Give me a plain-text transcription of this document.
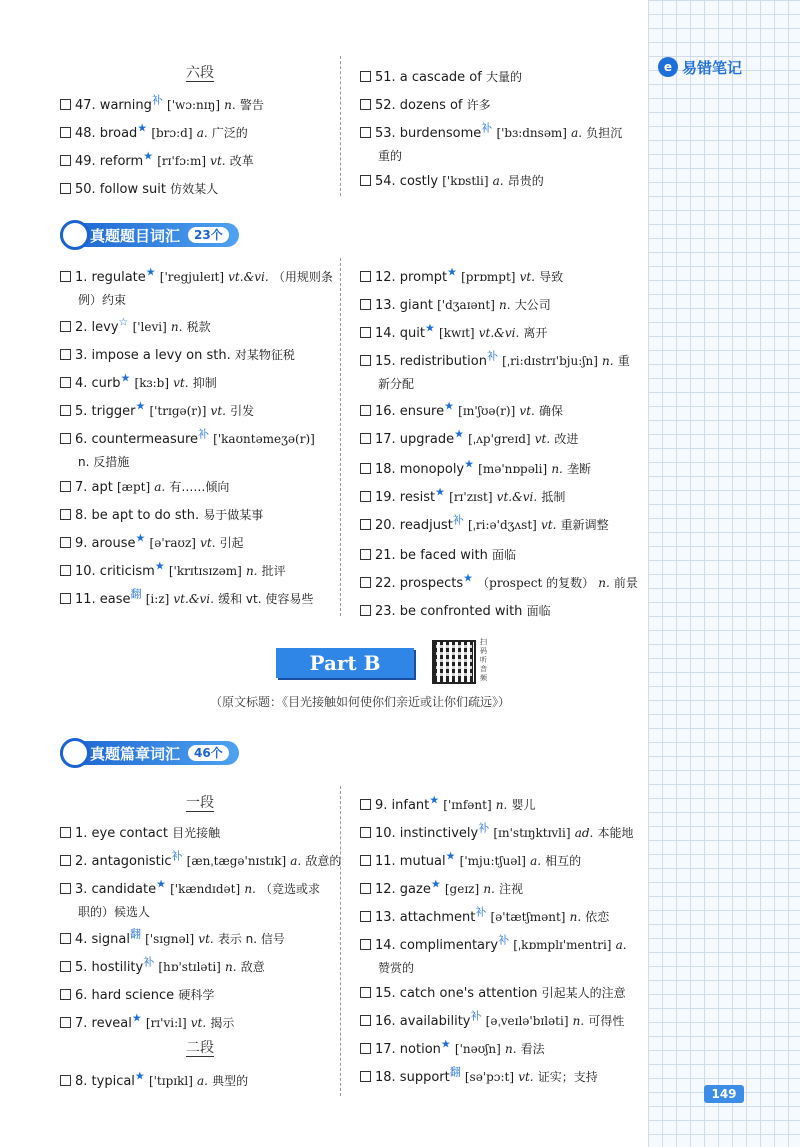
e 易错笔记
149
六段
47. warning$^补$ ['wɔ:nɪŋ] n. 警告
48. broad★ [brɔ:d] a. 广泛的
49. reform★ [rɪ'fɔ:m] vt. 改革
50. follow suit 仿效某人
51. a cascade of 大量的
52. dozens of 许多
53. burdensome$^补$ ['bɜ:dnsəm] a. 负担沉
重的
54. costly ['kɒstli] a. 昂贵的
真题题目词汇	23个
1. regulate★ ['regjuleɪt] vt.&vi. （用规则条
例）约束
2. levy☆ ['levi] n. 税款
3. impose a levy on sth. 对某物征税
4. curb★ [kɜ:b] vt. 抑制
5. trigger★ ['trɪgə(r)] vt. 引发
6. countermeasure$^补$ ['kaʊntəmeʒə(r)]
n. 反措施
7. apt [æpt] a. 有……倾向
8. be apt to do sth. 易于做某事
9. arouse★ [ə'raʊz] vt. 引起
10. criticism★ ['krɪtɪsɪzəm] n. 批评
11. ease$^翻$ [i:z] vt.&vi. 缓和 vt. 使容易些
12. prompt★ [prɒmpt] vt. 导致
13. giant ['dʒaɪənt] n. 大公司
14. quit★ [kwɪt] vt.&vi. 离开
15. redistribution$^补$ [ˌri:dɪstrɪ'bju:ʃn] n. 重
新分配
16. ensure★ [ɪn'ʃʊə(r)] vt. 确保
17. upgrade★ [ˌʌp'greɪd] vt. 改进
18. monopoly★ [mə'nɒpəli] n. 垄断
19. resist★ [rɪ'zɪst] vt.&vi. 抵制
20. readjust$^补$ [ˌri:ə'dʒʌst] vt. 重新调整
21. be faced with 面临
22. prospects★ （prospect 的复数） n. 前景
23. be confronted with 面临
Part B
扫码听音频
（原文标题：《目光接触如何使你们亲近或让你们疏远》）
真题篇章词汇	46个
一段
二段
1. eye contact 目光接触
2. antagonistic$^补$ [ænˌtægə'nɪstɪk] a. 敌意的
3. candidate★ ['kændɪdət] n. （竞选或求
职的）候选人
4. signal$^翻$ ['sɪgnəl] vt. 表示 n. 信号
5. hostility$^补$ [hɒ'stɪləti] n. 敌意
6. hard science 硬科学
7. reveal★ [rɪ'vi:l] vt. 揭示
8. typical★ ['tɪpɪkl] a. 典型的
9. infant★ ['ɪnfənt] n. 婴儿
10. instinctively$^补$ [ɪn'stɪŋktɪvli] ad. 本能地
11. mutual★ ['mju:tʃuəl] a. 相互的
12. gaze★ [geɪz] n. 注视
13. attachment$^补$ [ə'tætʃmənt] n. 依恋
14. complimentary$^补$ [ˌkɒmplɪ'mentri] a.
赞赏的
15. catch one's attention 引起某人的注意
16. availability$^补$ [əˌveɪlə'bɪləti] n. 可得性
17. notion★ ['nəʊʃn] n. 看法
18. support$^翻$ [sə'pɔ:t] vt. 证实；支持
